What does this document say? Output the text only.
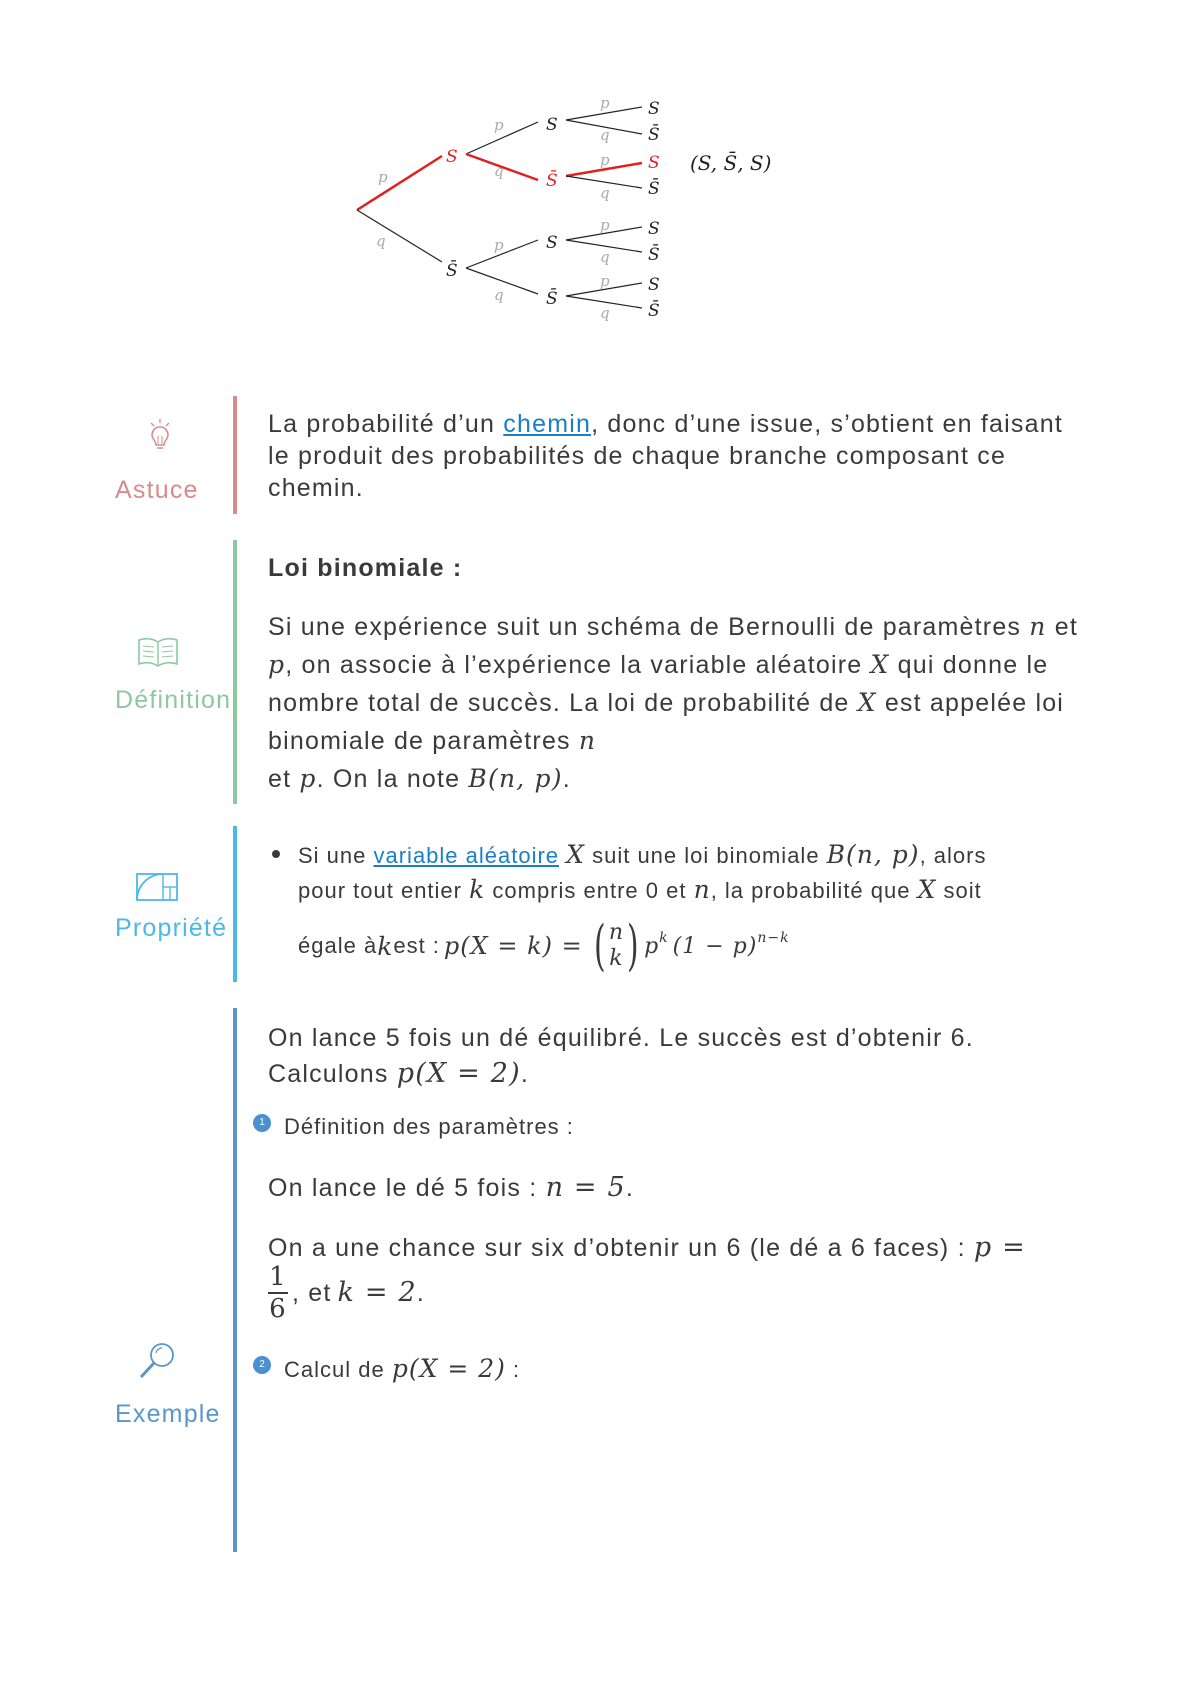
p
q
p
q
p
q
p
q
p
q
p
q
p
q
S
S̄
S
S̄
S
S̄
S
S̄
S
S̄
S
S̄
S
S̄
(S, S̄, S)
Astuce
La probabilité d’un chemin, donc d’une issue, s’obtient en faisant le produit des probabilités de chaque branche composant ce chemin.
Définition
Loi binomiale :
Si une expérience suit un schéma de Bernoulli de paramètres n et p, on associe à l’expérience la variable aléatoire X qui donne le nombre total de succès. La loi de probabilité de X est appelée loi binomiale de paramètres n
et p. On la note B(n, p).
Propriété
Si une variable aléatoire X suit une loi binomiale B(n, p), alors
pour tout entier k compris entre 0 et n, la probabilité que X soit
égale à k est : p(X = k) = ( n
k ) $p^k$ $(1 - p)^{n-k}$
Exemple
On lance 5 fois un dé équilibré. Le succès est d’obtenir 6.
Calculons p(X = 2).
1 Définition des paramètres :
On lance le dé 5 fois : n = 5.
On a une chance sur six d’obtenir un 6 (le dé a 6 faces) : p =
1
6
, et k = 2 .
2 Calcul de p(X = 2) :
